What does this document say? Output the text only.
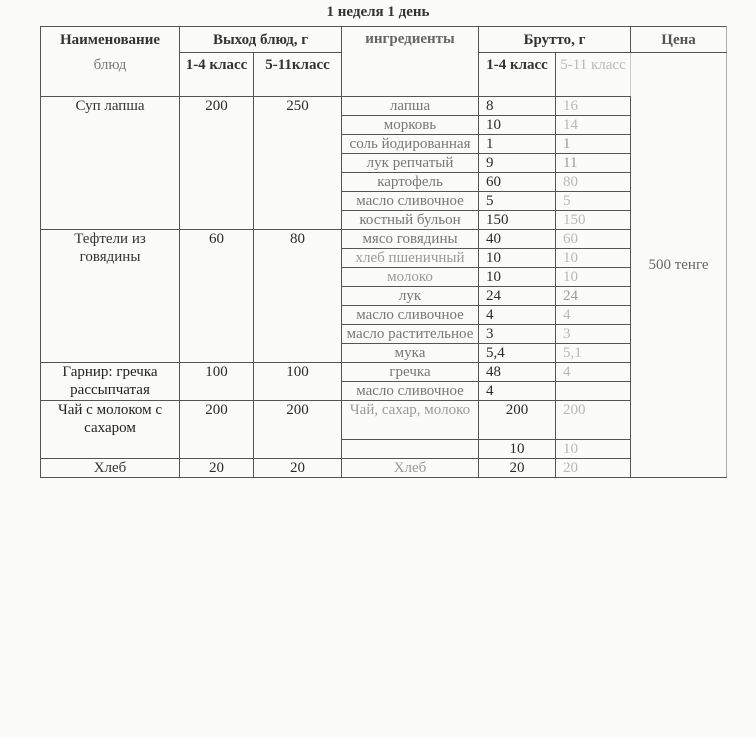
1 неделя 1 день
Наименование	Выход блюд, г		ингредиенты	Брутто, г		Цена
блюд	1-4 класс	5-11класс		1-4 класс	5-11 класс	500 тенге
Суп лапша	200	250	лапша	8	16	
			морковь	10	14	
			соль йодированная	1	1	
			лук репчатый	9	11	
			картофель	60	80	
			масло сливочное	5	5	
			костный бульон	150	150	
Тефтели из говядины	60	80	мясо говядины	40	60	
			хлеб пшеничный	10	10	
			молоко	10	10	
			лук	24	24	
			масло сливочное	4	4	
			масло растительное	3	3	
			мука	5,4	5,1	
Гарнир: гречка рассыпчатая	100	100	гречка	48	4	
			масло сливочное	4		
Чай с молоком с сахаром	200	200	Чай, сахар, молоко	200	200	
				10	10	
Хлеб	20	20	Хлеб	20	20	
